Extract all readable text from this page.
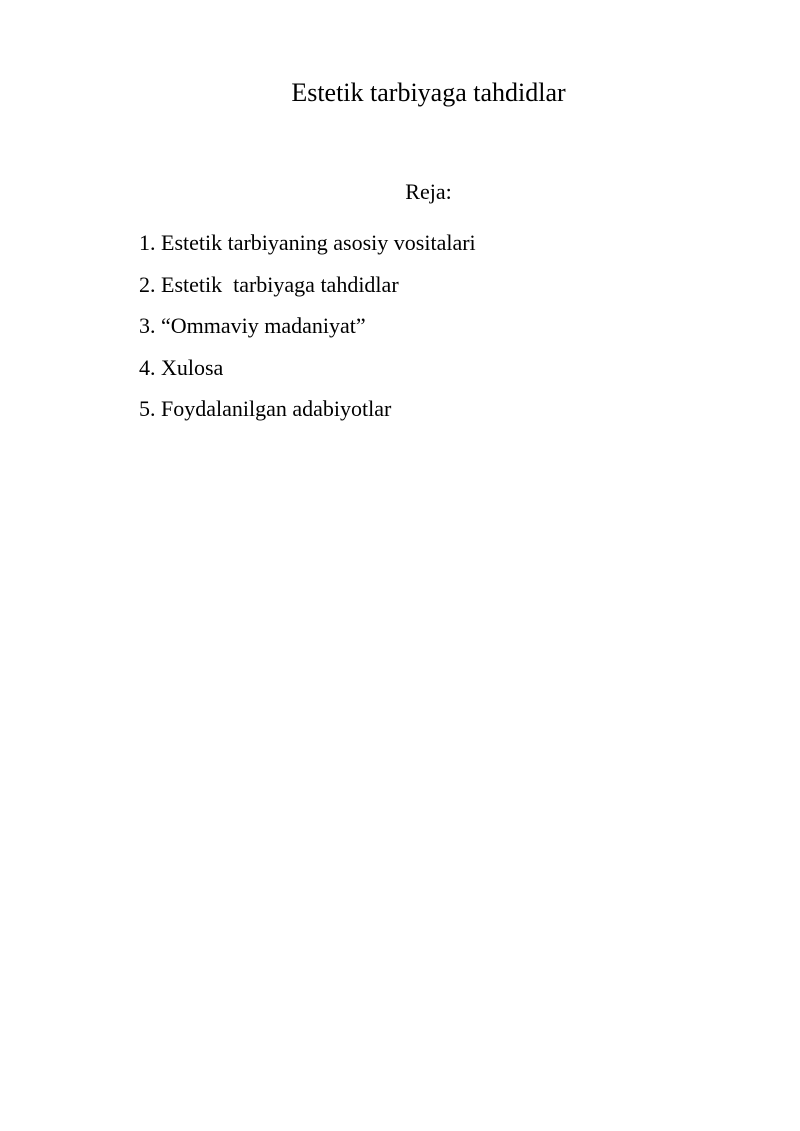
Estetik tarbiyaga tahdidlar

Reja:

1. Estetik tarbiyaning asosiy vositalari
2. Estetik  tarbiyaga tahdidlar
3. “Ommaviy madaniyat”
4. Xulosa
5. Foydalanilgan adabiyotlar
